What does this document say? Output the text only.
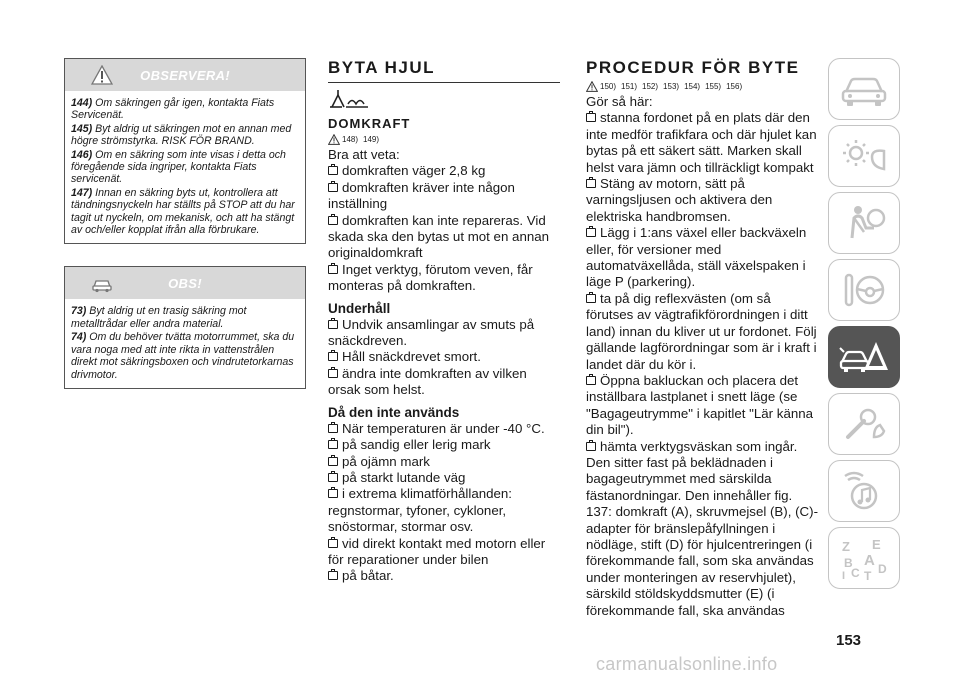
OBSERVERA!

144) Om säkringen går igen, kontakta Fiats Servicenät.

145) Byt aldrig ut säkringen mot en annan med högre strömstyrka. RISK FÖR BRAND.

146) Om en säkring som inte visas i detta och föregående sida ingriper, kontakta Fiats servicenät.

147) Innan en säkring byts ut, kontrollera att tändningsnyckeln har ställts på STOP att du har tagit ut nyckeln, om mekanisk, och att ha stängt av och/eller kopplat ifrån alla förbrukare.

OBS!

73) Byt aldrig ut en trasig säkring mot metalltrådar eller andra material.

74) Om du behöver tvätta motorrummet, ska du vara noga med att inte rikta in vattenstrålen direkt mot säkringsboxen och vindrutetorkarnas drivmotor.

BYTA HJUL
DOMKRAFT
148) 149)

Bra att veta:

domkraften väger 2,8 kg

domkraften kräver inte någon inställning

domkraften kan inte repareras. Vid skada ska den bytas ut mot en annan originaldomkraft

Inget verktyg, förutom veven, får monteras på domkraften.

Underhåll

Undvik ansamlingar av smuts på snäckdreven.

Håll snäckdrevet smort.

ändra inte domkraften av vilken orsak som helst.

Då den inte används

När temperaturen är under -40 °C.

på sandig eller lerig mark

på ojämn mark

på starkt lutande väg

i extrema klimatförhållanden: regnstormar, tyfoner, cykloner, snöstormar, stormar osv.

vid direkt kontakt med motorn eller för reparationer under bilen

på båtar.

PROCEDUR FÖR BYTE
150) 151) 152) 153) 154) 155) 156)

Gör så här:

stanna fordonet på en plats där den inte medför trafikfara och där hjulet kan bytas på ett säkert sätt. Marken skall helst vara jämn och tillräckligt kompakt

Stäng av motorn, sätt på varningsljusen och aktivera den elektriska handbromsen.

Lägg i 1:ans växel eller backväxeln eller, för versioner med automatväxellåda, ställ växelspaken i läge P (parkering).

ta på dig reflexvästen (om så förutses av vägtrafikförordningen i ditt land) innan du kliver ut ur fordonet. Följ gällande lagförordningar som är i kraft i landet där du kör i.

Öppna bakluckan och placera det inställbara lastplanet i snett läge (se "Bagageutrymme" i kapitlet "Lär känna din bil").

hämta verktygsväskan som ingår. Den sitter fast på beklädnaden i bagageutrymmet med särskilda fästanordningar. Den innehåller fig. 137: domkraft (A), skruvmejsel (B), (C)-adapter för bränslepåfyllningen i nödläge, stift (D) för hjulcentreringen (i förekommande fall, som ska användas under monteringen av reservhjulet), särskild stöldskyddsmutter (E) (i förekommande fall, ska användas

Z E
B A
I C D
T
153
carmanualsonline.info
